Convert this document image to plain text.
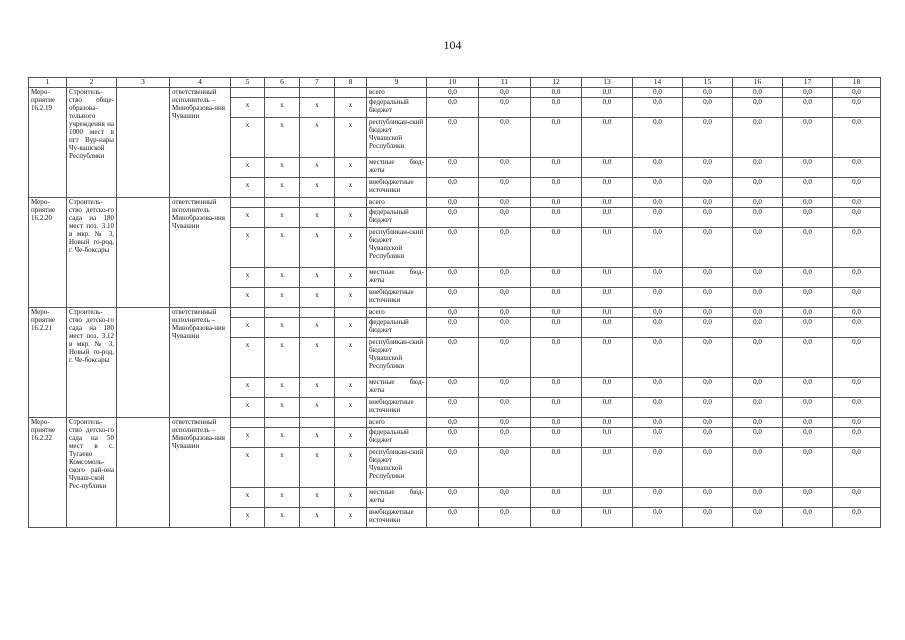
104
1	2	3	4	5	6	7	8	9	10	11	12	13	14	15	16	17	18
Меро-приятие 16.2.19	Строитель-ство обще-образова-тельного учреждения на 1000 мест в пгт Вур-нары Чу-вашской Республики		ответственный исполнитель – Минобразова-ния Чувашии					всего	0,0	0,0	0,0	0,0	0,0	0,0	0,0	0,0	0,0
				х	х	х	х	федеральный бюджет	0,0	0,0	0,0	0,0	0,0	0,0	0,0	0,0	0,0
				х	х	х	х	республикан-ский бюджет Чувашской Республики	0,0	0,0	0,0	0,0	0,0	0,0	0,0	0,0	0,0
				х	х	х	х	местные бюд-жеты	0,0	0,0	0,0	0,0	0,0	0,0	0,0	0,0	0,0
				х	х	х	х	внебюджетные источники	0,0	0,0	0,0	0,0	0,0	0,0	0,0	0,0	0,0
Меро-приятие 16.2.20	Строитель-ство детско-го сада на 180 мест поз. 3.10 в мкр. № 3, Новый го-род, г. Че-боксары		ответственный исполнитель Минобразова-ния Чувашии					всего	0,0	0,0	0,0	0,0	0,0	0,0	0,0	0,0	0,0
				х	х	х	х	федеральный бюджет	0,0	0,0	0,0	0,0	0,0	0,0	0,0	0,0	0,0
				х	х	х	х	республикан-ский бюджет Чувашской Республики	0,0	0,0	0,0	0,0	0,0	0,0	0,0	0,0	0,0
				х	х	х	х	местные бюд-жеты	0,0	0,0	0,0	0,0	0,0	0,0	0,0	0,0	0,0
				х	х	х	х	внебюджетные источники	0,0	0,0	0,0	0,0	0,0	0,0	0,0	0,0	0,0
Меро-приятие 16.2.21	Строитель-ство детско-го сада на 180 мест поз. 3.12 в мкр. № 3, Новый го-род, г. Че-боксары		ответственный исполнитель – Минобразова-ния Чувашии					всего	0,0	0,0	0,0	0,0	0,0	0,0	0,0	0,0	0,0
				х	х	х	х	федеральный бюджет	0,0	0,0	0,0	0,0	0,0	0,0	0,0	0,0	0,0
				х	х	х	х	республикан-ский бюджет Чувашской Республики	0,0	0,0	0,0	0,0	0,0	0,0	0,0	0,0	0,0
				х	х	х	х	местные бюд-жеты	0,0	0,0	0,0	0,0	0,0	0,0	0,0	0,0	0,0
				х	х	х	х	внебюджетные источники	0,0	0,0	0,0	0,0	0,0	0,0	0,0	0,0	0,0
Меро-приятие 16.2.22	Строитель-ство детско-го сада на 50 мест в с. Тугаево Комсомоль-ского рай-она Чуваш-ской Рес-публики		ответственный исполнитель – Минобразова-ния Чувашии					всего	0,0	0,0	0,0	0,0	0,0	0,0	0,0	0,0	0,0
				х	х	х	х	федеральный бюджет	0,0	0,0	0,0	0,0	0,0	0,0	0,0	0,0	0,0
				х	х	х	х	республикан-ский бюджет Чувашской Республики	0,0	0,0	0,0	0,0	0,0	0,0	0,0	0,0	0,0
				х	х	х	х	местные бюд-жеты	0,0	0,0	0,0	0,0	0,0	0,0	0,0	0,0	0,0
				х	х	х	х	внебюджетные источники	0,0	0,0	0,0	0,0	0,0	0,0	0,0	0,0	0,0
